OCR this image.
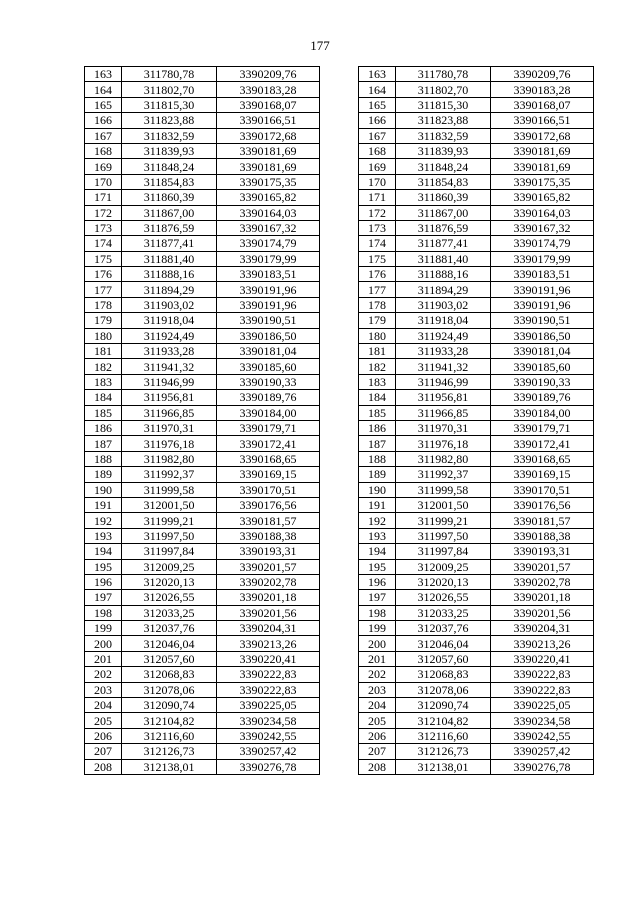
177
163	311780,78	3390209,76
164	311802,70	3390183,28
165	311815,30	3390168,07
166	311823,88	3390166,51
167	311832,59	3390172,68
168	311839,93	3390181,69
169	311848,24	3390181,69
170	311854,83	3390175,35
171	311860,39	3390165,82
172	311867,00	3390164,03
173	311876,59	3390167,32
174	311877,41	3390174,79
175	311881,40	3390179,99
176	311888,16	3390183,51
177	311894,29	3390191,96
178	311903,02	3390191,96
179	311918,04	3390190,51
180	311924,49	3390186,50
181	311933,28	3390181,04
182	311941,32	3390185,60
183	311946,99	3390190,33
184	311956,81	3390189,76
185	311966,85	3390184,00
186	311970,31	3390179,71
187	311976,18	3390172,41
188	311982,80	3390168,65
189	311992,37	3390169,15
190	311999,58	3390170,51
191	312001,50	3390176,56
192	311999,21	3390181,57
193	311997,50	3390188,38
194	311997,84	3390193,31
195	312009,25	3390201,57
196	312020,13	3390202,78
197	312026,55	3390201,18
198	312033,25	3390201,56
199	312037,76	3390204,31
200	312046,04	3390213,26
201	312057,60	3390220,41
202	312068,83	3390222,83
203	312078,06	3390222,83
204	312090,74	3390225,05
205	312104,82	3390234,58
206	312116,60	3390242,55
207	312126,73	3390257,42
208	312138,01	3390276,78
163	311780,78	3390209,76
164	311802,70	3390183,28
165	311815,30	3390168,07
166	311823,88	3390166,51
167	311832,59	3390172,68
168	311839,93	3390181,69
169	311848,24	3390181,69
170	311854,83	3390175,35
171	311860,39	3390165,82
172	311867,00	3390164,03
173	311876,59	3390167,32
174	311877,41	3390174,79
175	311881,40	3390179,99
176	311888,16	3390183,51
177	311894,29	3390191,96
178	311903,02	3390191,96
179	311918,04	3390190,51
180	311924,49	3390186,50
181	311933,28	3390181,04
182	311941,32	3390185,60
183	311946,99	3390190,33
184	311956,81	3390189,76
185	311966,85	3390184,00
186	311970,31	3390179,71
187	311976,18	3390172,41
188	311982,80	3390168,65
189	311992,37	3390169,15
190	311999,58	3390170,51
191	312001,50	3390176,56
192	311999,21	3390181,57
193	311997,50	3390188,38
194	311997,84	3390193,31
195	312009,25	3390201,57
196	312020,13	3390202,78
197	312026,55	3390201,18
198	312033,25	3390201,56
199	312037,76	3390204,31
200	312046,04	3390213,26
201	312057,60	3390220,41
202	312068,83	3390222,83
203	312078,06	3390222,83
204	312090,74	3390225,05
205	312104,82	3390234,58
206	312116,60	3390242,55
207	312126,73	3390257,42
208	312138,01	3390276,78
